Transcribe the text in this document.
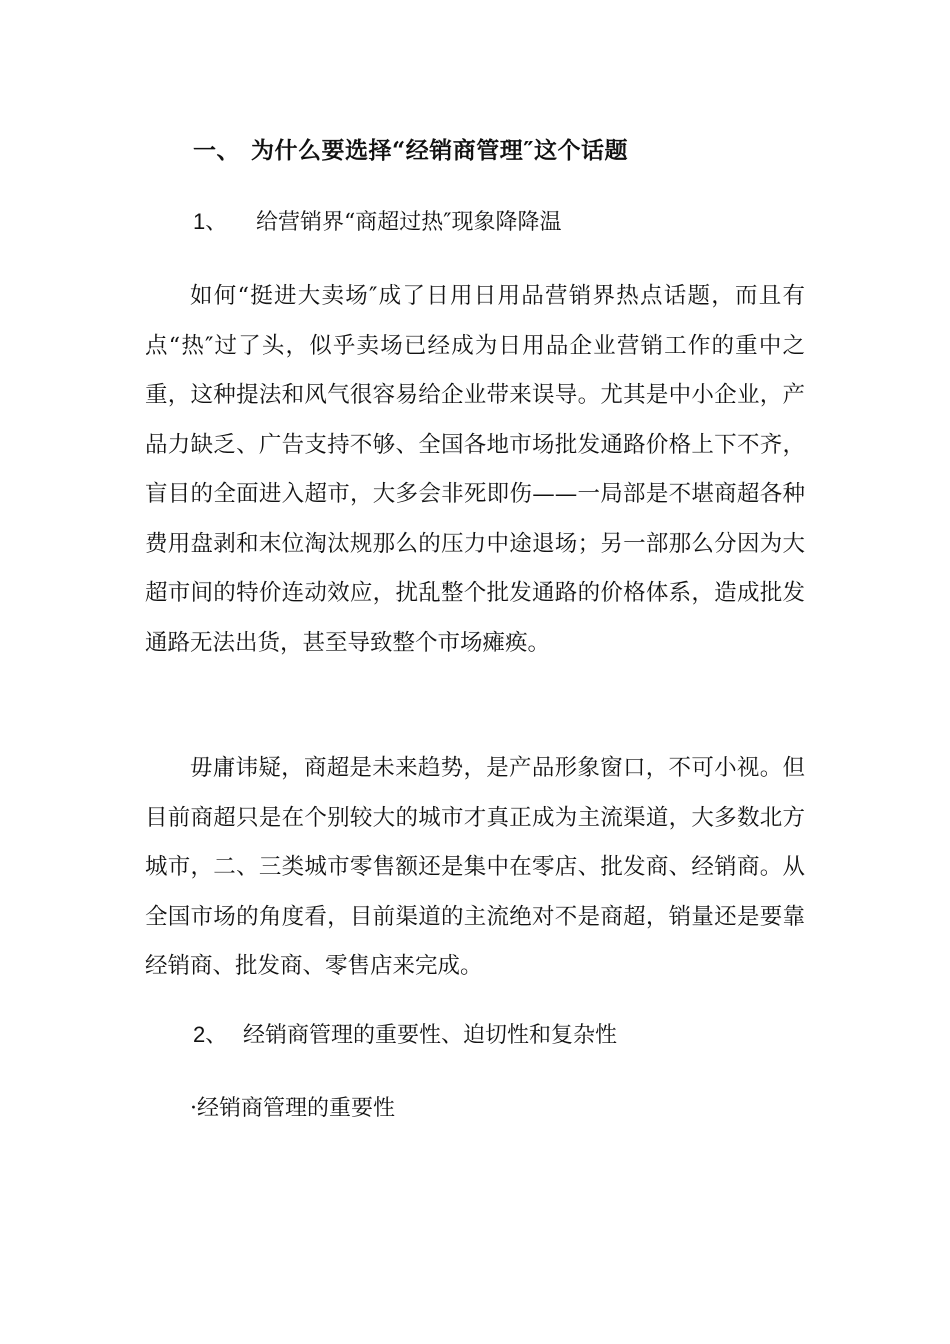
一、 为什么要选择“经销商管理″这个话题
1、 给营销界“商超过热″现象降降温

如何“挺进大卖场″成了日用日用品营销界热点话题，而且有点“热″过了头，似乎卖场已经成为日用品企业营销工作的重中之重，这种提法和风气很容易给企业带来误导。尤其是中小企业，产品力缺乏、广告支持不够、全国各地市场批发通路价格上下不齐，盲目的全面进入超市，大多会非死即伤——一局部是不堪商超各种费用盘剥和末位淘汰规那么的压力中途退场；另一部那么分因为大超市间的特价连动效应，扰乱整个批发通路的价格体系，造成批发通路无法出货，甚至导致整个市场瘫痪。

毋庸讳疑，商超是未来趋势，是产品形象窗口，不可小视。但目前商超只是在个别较大的城市才真正成为主流渠道，大多数北方城市，二、三类城市零售额还是集中在零店、批发商、经销商。从全国市场的角度看，目前渠道的主流绝对不是商超，销量还是要靠经销商、批发商、零售店来完成。

2、 经销商管理的重要性、迫切性和复杂性
·经销商管理的重要性
